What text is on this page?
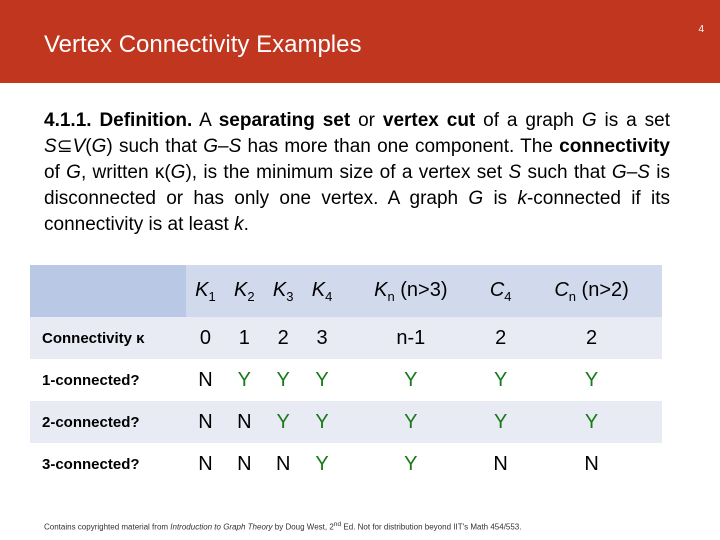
Vertex Connectivity Examples
4
4.1.1. Definition. A separating set or vertex cut of a graph G is a set S⊆V(G) such that G–S has more than one component. The connectivity of G, written κ(G), is the minimum size of a vertex set S such that G–S is disconnected or has only one vertex. A graph G is k-connected if its connectivity is at least k.
	$K_1$	$K_2$	$K_3$	$K_4$	$K_n$ (n>3)	$C_4$	$C_n$ (n>2)
Connectivity κ	0	1	2	3	n-1	2	2
1-connected?	N	Y	Y	Y	Y	Y	Y
2-connected?	N	N	Y	Y	Y	Y	Y
3-connected?	N	N	N	Y	Y	N	N
Contains copyrighted material from Introduction to Graph Theory by Doug West, 2nd Ed. Not for distribution beyond IIT's Math 454/553.
